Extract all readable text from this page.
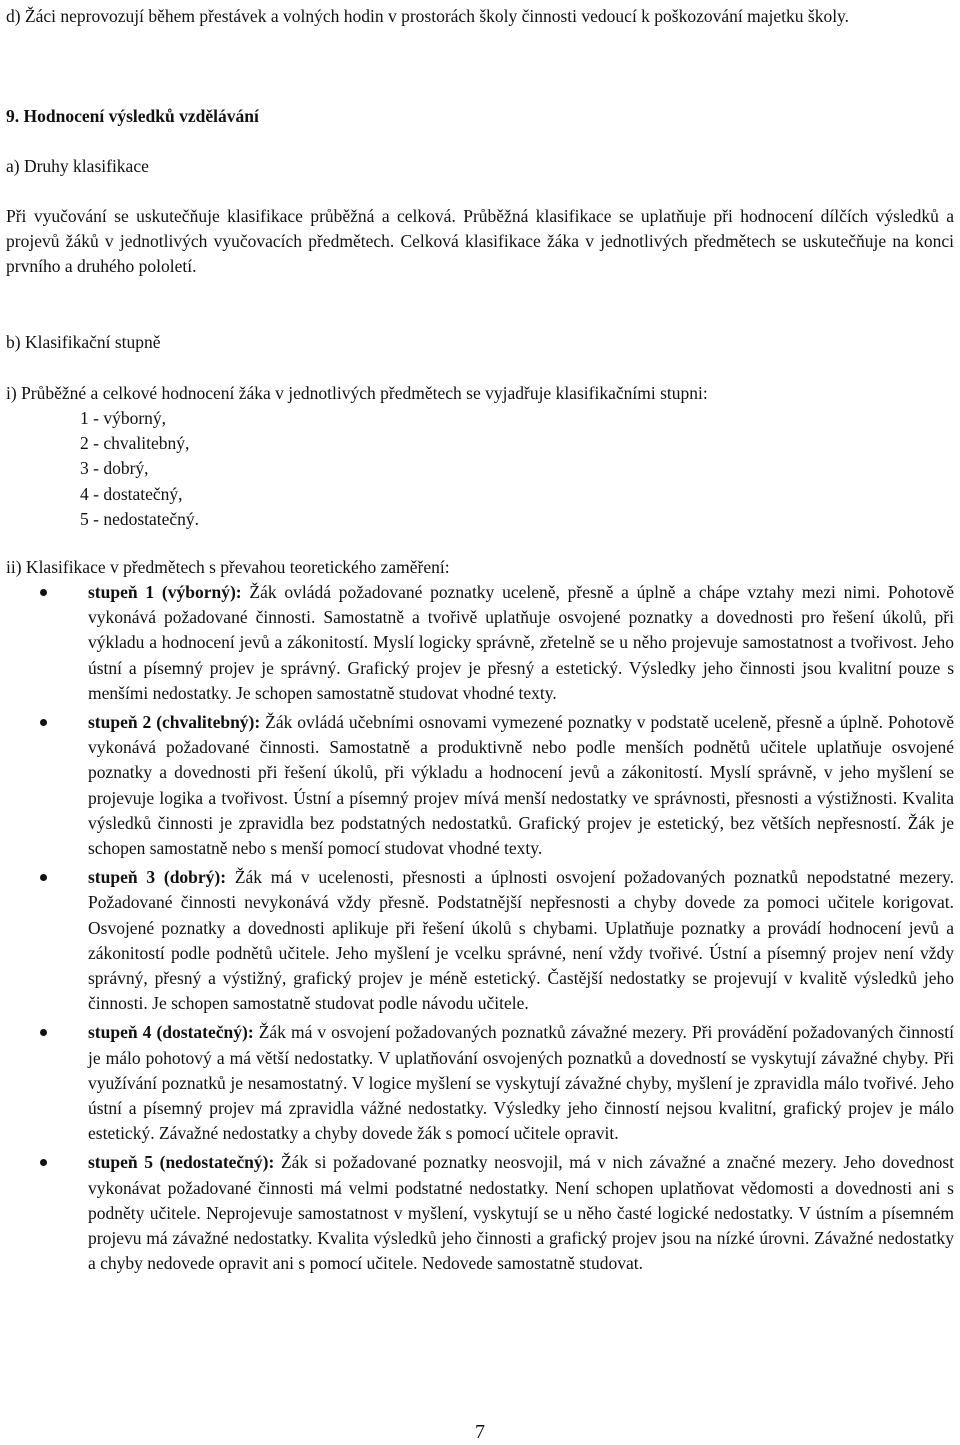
d) Žáci neprovozují během přestávek a volných hodin v prostorách školy činnosti vedoucí k poškozování majetku školy.
9. Hodnocení výsledků vzdělávání
a) Druhy klasifikace
Při vyučování se uskutečňuje klasifikace průběžná a celková. Průběžná klasifikace se uplatňuje při hodnocení dílčích výsledků a projevů žáků v jednotlivých vyučovacích předmětech. Celková klasifikace žáka v jednotlivých předmětech se uskutečňuje na konci prvního a druhého pololetí.
b) Klasifikační stupně
i) Průběžné a celkové hodnocení žáka v jednotlivých předmětech se vyjadřuje klasifikačními stupni:
1 - výborný,
2 - chvalitebný,
3 - dobrý,
4 - dostatečný,
5 - nedostatečný.
ii) Klasifikace v předmětech s převahou teoretického zaměření:
stupeň 1 (výborný): Žák ovládá požadované poznatky uceleně, přesně a úplně a chápe vztahy mezi nimi. Pohotově vykonává požadované činnosti. Samostatně a tvořivě uplatňuje osvojené poznatky a dovednosti pro řešení úkolů, při výkladu a hodnocení jevů a zákonitostí. Myslí logicky správně, zřetelně se u něho projevuje samostatnost a tvořivost. Jeho ústní a písemný projev je správný. Grafický projev je přesný a estetický. Výsledky jeho činnosti jsou kvalitní pouze s menšími nedostatky. Je schopen samostatně studovat vhodné texty.
stupeň 2 (chvalitebný): Žák ovládá učebními osnovami vymezené poznatky v podstatě uceleně, přesně a úplně. Pohotově vykonává požadované činnosti. Samostatně a produktivně nebo podle menších podnětů učitele uplatňuje osvojené poznatky a dovednosti při řešení úkolů, při výkladu a hodnocení jevů a zákonitostí. Myslí správně, v jeho myšlení se projevuje logika a tvořivost. Ústní a písemný projev mívá menší nedostatky ve správnosti, přesnosti a výstižnosti. Kvalita výsledků činnosti je zpravidla bez podstatných nedostatků. Grafický projev je estetický, bez větších nepřesností. Žák je schopen samostatně nebo s menší pomocí studovat vhodné texty.
stupeň 3 (dobrý): Žák má v ucelenosti, přesnosti a úplnosti osvojení požadovaných poznatků nepodstatné mezery. Požadované činnosti nevykonává vždy přesně. Podstatnější nepřesnosti a chyby dovede za pomoci učitele korigovat. Osvojené poznatky a dovednosti aplikuje při řešení úkolů s chybami. Uplatňuje poznatky a provádí hodnocení jevů a zákonitostí podle podnětů učitele. Jeho myšlení je vcelku správné, není vždy tvořivé. Ústní a písemný projev není vždy správný, přesný a výstižný, grafický projev je méně estetický. Častější nedostatky se projevují v kvalitě výsledků jeho činnosti. Je schopen samostatně studovat podle návodu učitele.
stupeň 4 (dostatečný): Žák má v osvojení požadovaných poznatků závažné mezery. Při provádění požadovaných činností je málo pohotový a má větší nedostatky. V uplatňování osvojených poznatků a dovedností se vyskytují závažné chyby. Při využívání poznatků je nesamostatný. V logice myšlení se vyskytují závažné chyby, myšlení je zpravidla málo tvořivé. Jeho ústní a písemný projev má zpravidla vážné nedostatky. Výsledky jeho činností nejsou kvalitní, grafický projev je málo estetický. Závažné nedostatky a chyby dovede žák s pomocí učitele opravit.
stupeň 5 (nedostatečný): Žák si požadované poznatky neosvojil, má v nich závažné a značné mezery. Jeho dovednost vykonávat požadované činnosti má velmi podstatné nedostatky. Není schopen uplatňovat vědomosti a dovednosti ani s podněty učitele. Neprojevuje samostatnost v myšlení, vyskytují se u něho časté logické nedostatky. V ústním a písemném projevu má závažné nedostatky. Kvalita výsledků jeho činnosti a grafický projev jsou na nízké úrovni. Závažné nedostatky a chyby nedovede opravit ani s pomocí učitele. Nedovede samostatně studovat.
7
